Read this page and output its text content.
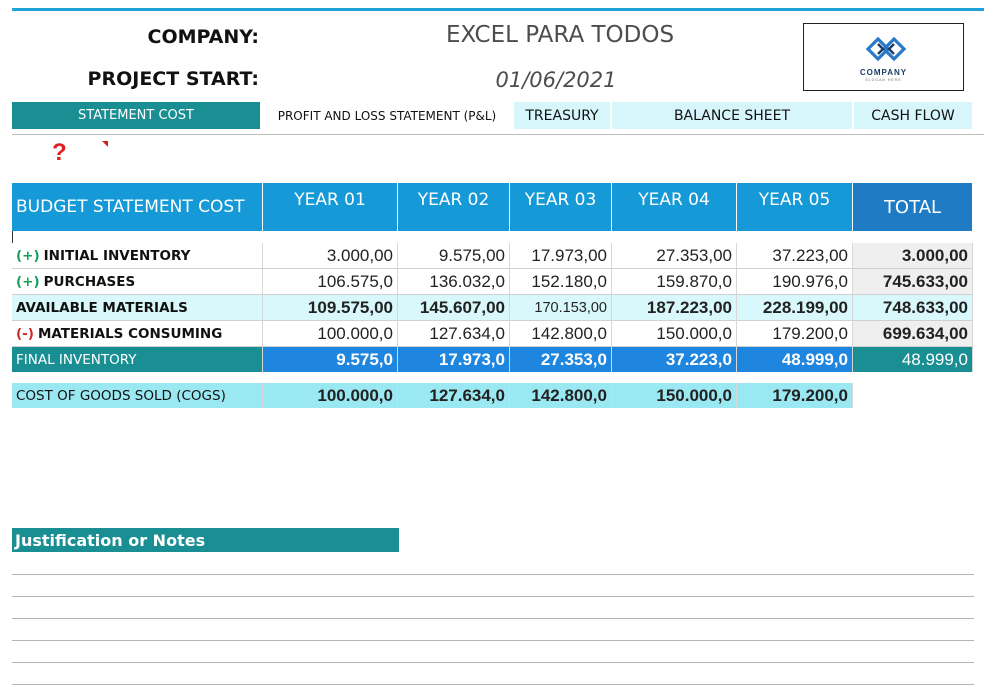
COMPANY:	EXCEL PARA TODOS
PROJECT START:	01/06/2021	COMPANY
SLOGAN HERE
STATEMENT COST	PROFIT AND LOSS STATEMENT (P&L)	TREASURY	BALANCE SHEET	CASH FLOW
?
BUDGET STATEMENT COST	YEAR 01	YEAR 02	YEAR 03	YEAR 04	YEAR 05	TOTAL
(+) INITIAL INVENTORY	3.000,00	9.575,00	17.973,00	27.353,00	37.223,00	3.000,00
(+) PURCHASES	106.575,0	136.032,0	152.180,0	159.870,0	190.976,0	745.633,00
AVAILABLE MATERIALS	109.575,00	145.607,00	170.153,00	187.223,00	228.199,00	748.633,00
(-) MATERIALS CONSUMING	100.000,0	127.634,0	142.800,0	150.000,0	179.200,0	699.634,00
FINAL INVENTORY	9.575,0	17.973,0	27.353,0	37.223,0	48.999,0	48.999,0
COST OF GOODS SOLD (COGS)	100.000,0	127.634,0	142.800,0	150.000,0	179.200,0
Justification or Notes
